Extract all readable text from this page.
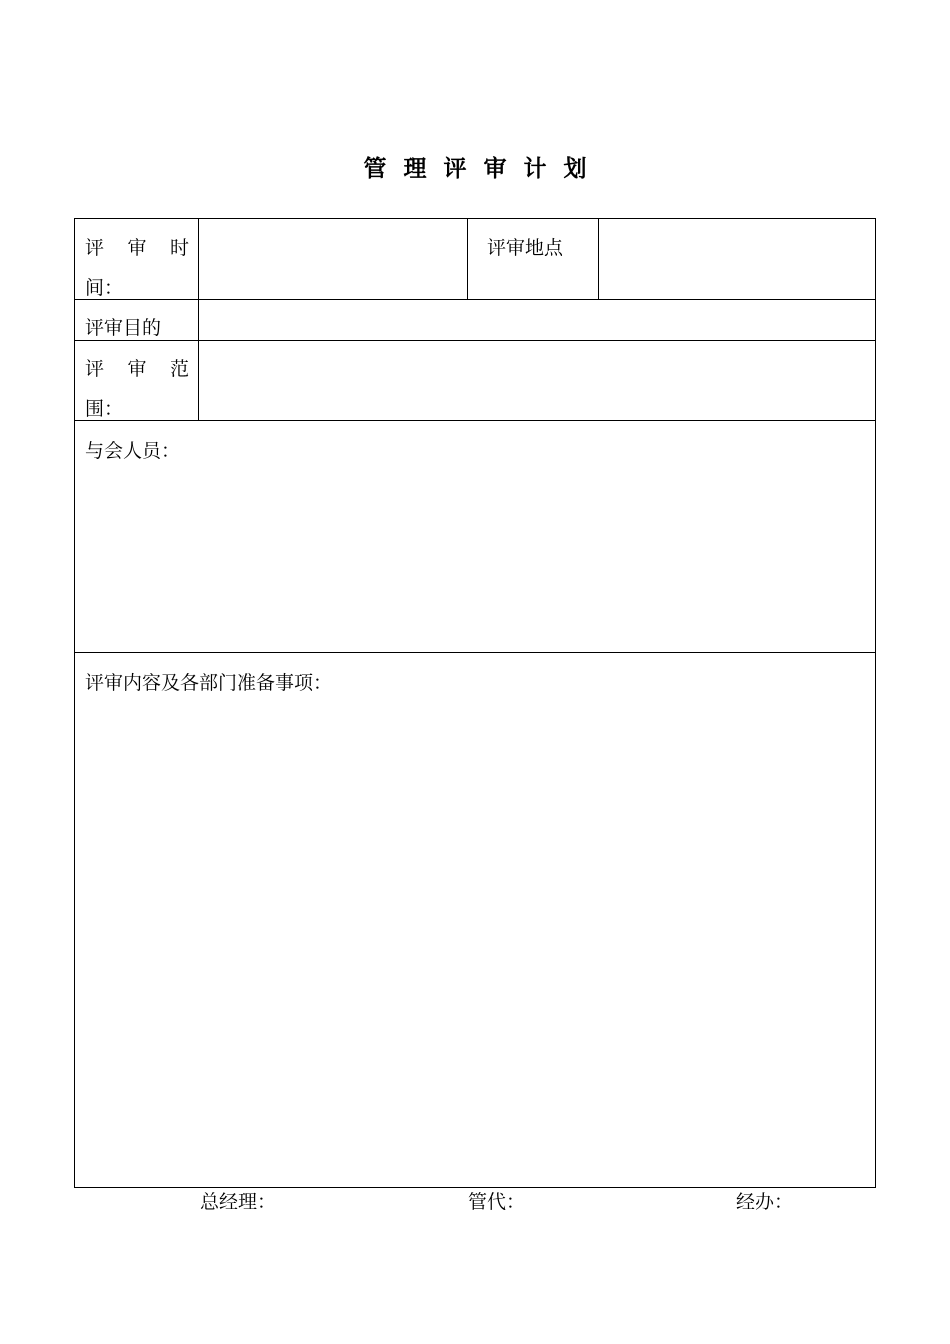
管理评审计划
评 审 时
间：
评审地点
评审目的
评 审 范
围：
与会人员：
评审内容及各部门准备事项：
总经理：	管代：	经办：
